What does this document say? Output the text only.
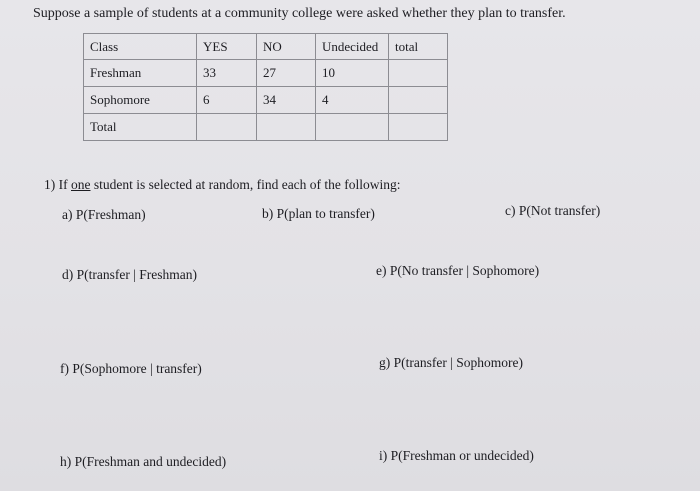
Suppose a sample of students at a community college were asked whether they plan to transfer.
Class	YES	NO	Undecided	total
Freshman	33	27	10	
Sophomore	6	34	4	
Total				
1) If one student is selected at random, find each of the following:
a) P(Freshman)	b) P(plan to transfer)	c) P(Not transfer)
d) P(transfer | Freshman)	e) P(No transfer | Sophomore)
f) P(Sophomore | transfer)	g) P(transfer | Sophomore)
h) P(Freshman and undecided)	i) P(Freshman or undecided)
